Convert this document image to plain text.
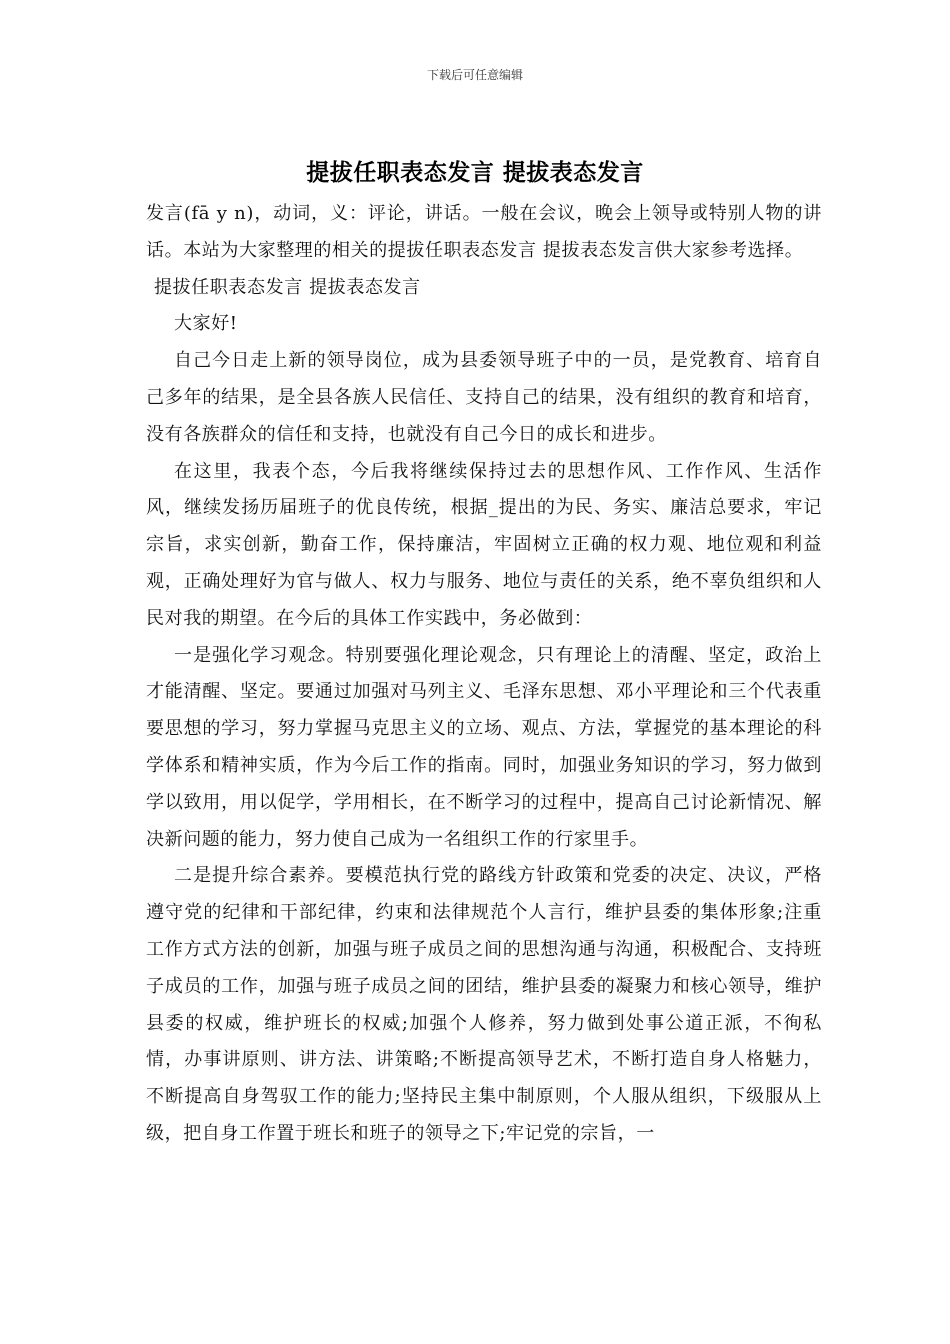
下载后可任意编辑
提拔任职表态发言 提拔表态发言

发言(fā y n)，动词，义：评论，讲话。一般在会议，晚会上领导或特别人物的讲话。本站为大家整理的相关的提拔任职表态发言 提拔表态发言供大家参考选择。

提拔任职表态发言 提拔表态发言

大家好!

自己今日走上新的领导岗位，成为县委领导班子中的一员，是党教育、培育自己多年的结果，是全县各族人民信任、支持自己的结果，没有组织的教育和培育，没有各族群众的信任和支持，也就没有自己今日的成长和进步。

在这里，我表个态，今后我将继续保持过去的思想作风、工作作风、生活作风，继续发扬历届班子的优良传统，根据_提出的为民、务实、廉洁总要求，牢记宗旨，求实创新，勤奋工作，保持廉洁，牢固树立正确的权力观、地位观和利益观，正确处理好为官与做人、权力与服务、地位与责任的关系，绝不辜负组织和人民对我的期望。在今后的具体工作实践中，务必做到：

一是强化学习观念。特别要强化理论观念，只有理论上的清醒、坚定，政治上才能清醒、坚定。要通过加强对马列主义、毛泽东思想、邓小平理论和三个代表重要思想的学习，努力掌握马克思主义的立场、观点、方法，掌握党的基本理论的科学体系和精神实质，作为今后工作的指南。同时，加强业务知识的学习，努力做到学以致用，用以促学，学用相长，在不断学习的过程中，提高自己讨论新情况、解决新问题的能力，努力使自己成为一名组织工作的行家里手。

二是提升综合素养。要模范执行党的路线方针政策和党委的决定、决议，严格遵守党的纪律和干部纪律，约束和法律规范个人言行，维护县委的集体形象;注重工作方式方法的创新，加强与班子成员之间的思想沟通与沟通，积极配合、支持班子成员的工作，加强与班子成员之间的团结，维护县委的凝聚力和核心领导，维护县委的权威，维护班长的权威;加强个人修养，努力做到处事公道正派，不徇私情，办事讲原则、讲方法、讲策略;不断提高领导艺术，不断打造自身人格魅力，不断提高自身驾驭工作的能力;坚持民主集中制原则，个人服从组织，下级服从上级，把自身工作置于班长和班子的领导之下;牢记党的宗旨，一
